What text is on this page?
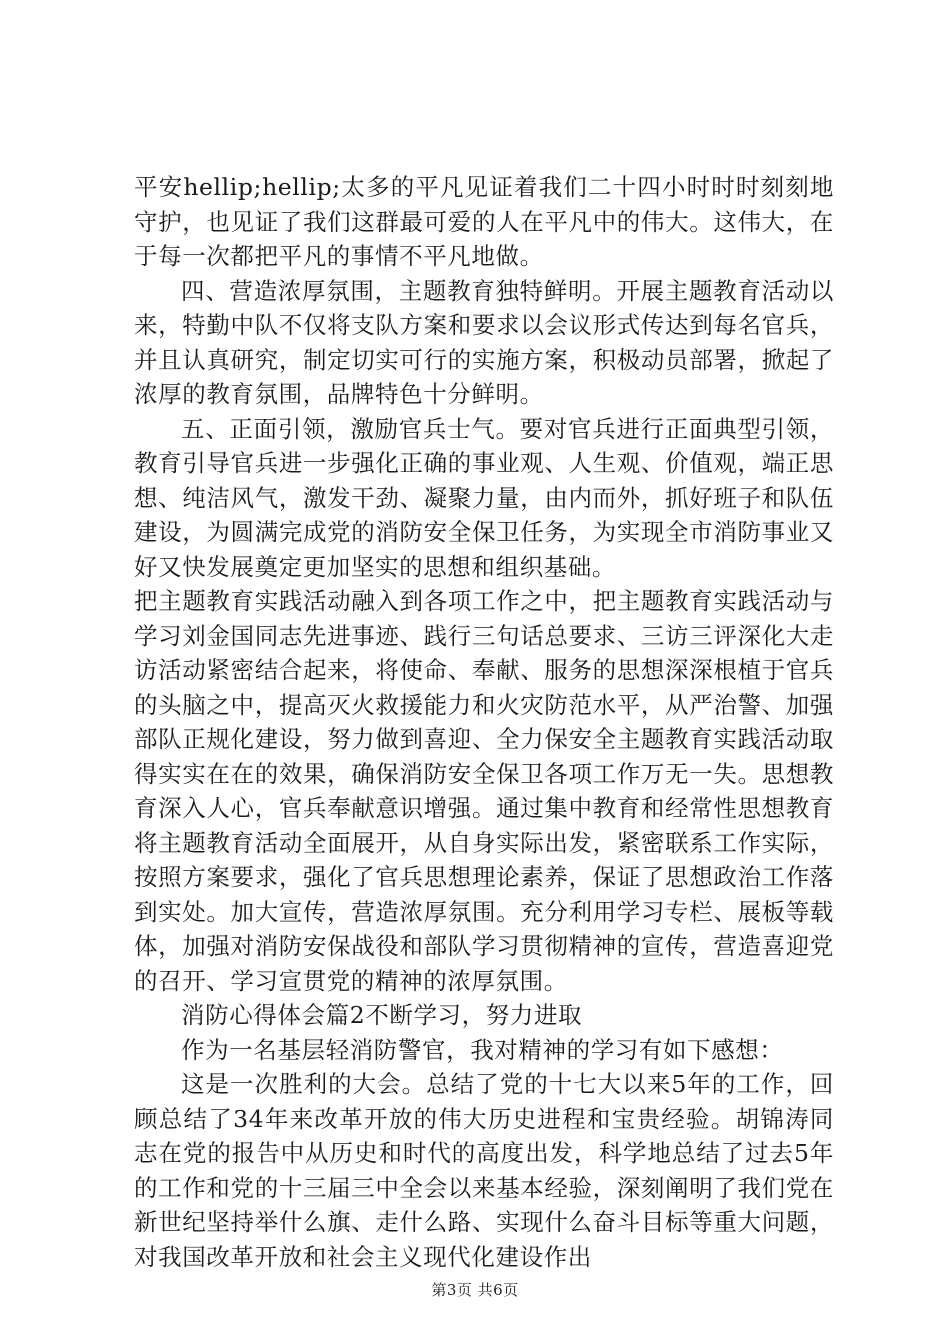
平安hellip;hellip;太多的平凡见证着我们二十四小时时时刻刻地守护，也见证了我们这群最可爱的人在平凡中的伟大。这伟大，在于每一次都把平凡的事情不平凡地做。

四、营造浓厚氛围，主题教育独特鲜明。开展主题教育活动以来，特勤中队不仅将支队方案和要求以会议形式传达到每名官兵，并且认真研究，制定切实可行的实施方案，积极动员部署，掀起了浓厚的教育氛围，品牌特色十分鲜明。

五、正面引领，激励官兵士气。要对官兵进行正面典型引领，教育引导官兵进一步强化正确的事业观、人生观、价值观，端正思想、纯洁风气，激发干劲、凝聚力量，由内而外，抓好班子和队伍建设，为圆满完成党的消防安全保卫任务，为实现全市消防事业又好又快发展奠定更加坚实的思想和组织基础。

把主题教育实践活动融入到各项工作之中，把主题教育实践活动与学习刘金国同志先进事迹、践行三句话总要求、三访三评深化大走访活动紧密结合起来，将使命、奉献、服务的思想深深根植于官兵的头脑之中，提高灭火救援能力和火灾防范水平，从严治警、加强部队正规化建设，努力做到喜迎、全力保安全主题教育实践活动取得实实在在的效果，确保消防安全保卫各项工作万无一失。思想教育深入人心，官兵奉献意识增强。通过集中教育和经常性思想教育将主题教育活动全面展开，从自身实际出发，紧密联系工作实际，按照方案要求，强化了官兵思想理论素养，保证了思想政治工作落到实处。加大宣传，营造浓厚氛围。充分利用学习专栏、展板等载体，加强对消防安保战役和部队学习贯彻精神的宣传，营造喜迎党的召开、学习宣贯党的精神的浓厚氛围。

消防心得体会篇2不断学习，努力进取

作为一名基层轻消防警官，我对精神的学习有如下感想：

这是一次胜利的大会。总结了党的十七大以来5年的工作，回顾总结了34年来改革开放的伟大历史进程和宝贵经验。胡锦涛同志在党的报告中从历史和时代的高度出发，科学地总结了过去5年的工作和党的十三届三中全会以来基本经验，深刻阐明了我们党在新世纪坚持举什么旗、走什么路、实现什么奋斗目标等重大问题，对我国改革开放和社会主义现代化建设作出

第3页 共6页
